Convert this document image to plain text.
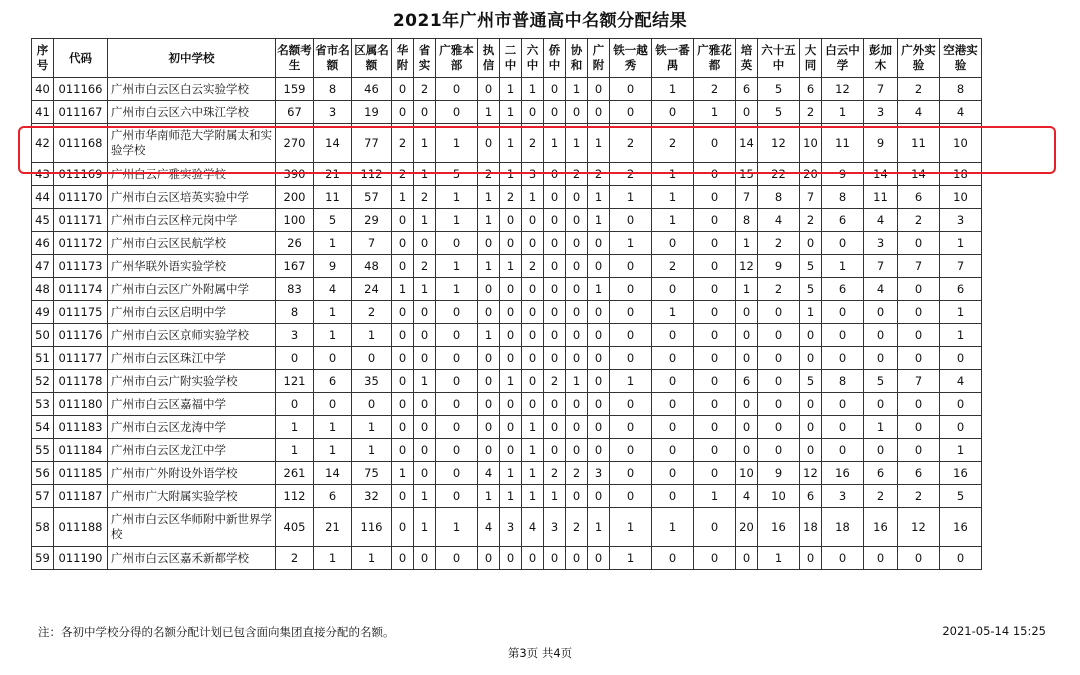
2021年广州市普通高中名额分配结果
序号	代码	初中学校	名额考生	省市名额	区属名额	华附	省实	广雅本部	执信	二中	六中	侨中	协和	广附	铁一越秀	铁一番禺	广雅花都	培英	六十五中	大同	白云中学	彭加木	广外实验	空港实验
40	011166	广州市白云区白云实验学校	159	8	46	0	2	0	0	1	1	0	1	0	0	1	2	6	5	6	12	7	2	8
41	011167	广州市白云区六中珠江学校	67	3	19	0	0	0	1	1	0	0	0	0	0	0	1	0	5	2	1	3	4	4
42	011168	广州市华南师范大学附属太和实验学校	270	14	77	2	1	1	0	1	2	1	1	1	2	2	0	14	12	10	11	9	11	10
43	011169	广州白云广雅实验学校	390	21	112	2	1	5	2	1	3	0	2	2	2	1	0	15	22	20	9	14	14	18
44	011170	广州市白云区培英实验中学	200	11	57	1	2	1	1	2	1	0	0	1	1	1	0	7	8	7	8	11	6	10
45	011171	广州市白云区梓元岗中学	100	5	29	0	1	1	1	0	0	0	0	1	0	1	0	8	4	2	6	4	2	3
46	011172	广州市白云区民航学校	26	1	7	0	0	0	0	0	0	0	0	0	1	0	0	1	2	0	0	3	0	1
47	011173	广州华联外语实验学校	167	9	48	0	2	1	1	1	2	0	0	0	0	2	0	12	9	5	1	7	7	7
48	011174	广州市白云区广外附属中学	83	4	24	1	1	1	0	0	0	0	0	1	0	0	0	1	2	5	6	4	0	6
49	011175	广州市白云区启明中学	8	1	2	0	0	0	0	0	0	0	0	0	0	1	0	0	0	1	0	0	0	1
50	011176	广州市白云区京师实验学校	3	1	1	0	0	0	1	0	0	0	0	0	0	0	0	0	0	0	0	0	0	1
51	011177	广州市白云区珠江中学	0	0	0	0	0	0	0	0	0	0	0	0	0	0	0	0	0	0	0	0	0	0
52	011178	广州市白云广附实验学校	121	6	35	0	1	0	0	1	0	2	1	0	1	0	0	6	0	5	8	5	7	4
53	011180	广州市白云区嘉福中学	0	0	0	0	0	0	0	0	0	0	0	0	0	0	0	0	0	0	0	0	0	0
54	011183	广州市白云区龙涛中学	1	1	1	0	0	0	0	0	1	0	0	0	0	0	0	0	0	0	0	1	0	0
55	011184	广州市白云区龙江中学	1	1	1	0	0	0	0	0	1	0	0	0	0	0	0	0	0	0	0	0	0	1
56	011185	广州市广外附设外语学校	261	14	75	1	0	0	4	1	1	2	2	3	0	0	0	10	9	12	16	6	6	16
57	011187	广州市广大附属实验学校	112	6	32	0	1	0	1	1	1	1	0	0	0	0	1	4	10	6	3	2	2	5
58	011188	广州市白云区华师附中新世界学校	405	21	116	0	1	1	4	3	4	3	2	1	1	1	0	20	16	18	18	16	12	16
59	011190	广州市白云区嘉禾新都学校	2	1	1	0	0	0	0	0	0	0	0	0	1	0	0	0	1	0	0	0	0	0
注：各初中学校分得的名额分配计划已包含面向集团直接分配的名额。	2021-05-14 15:25
第3页 共4页
